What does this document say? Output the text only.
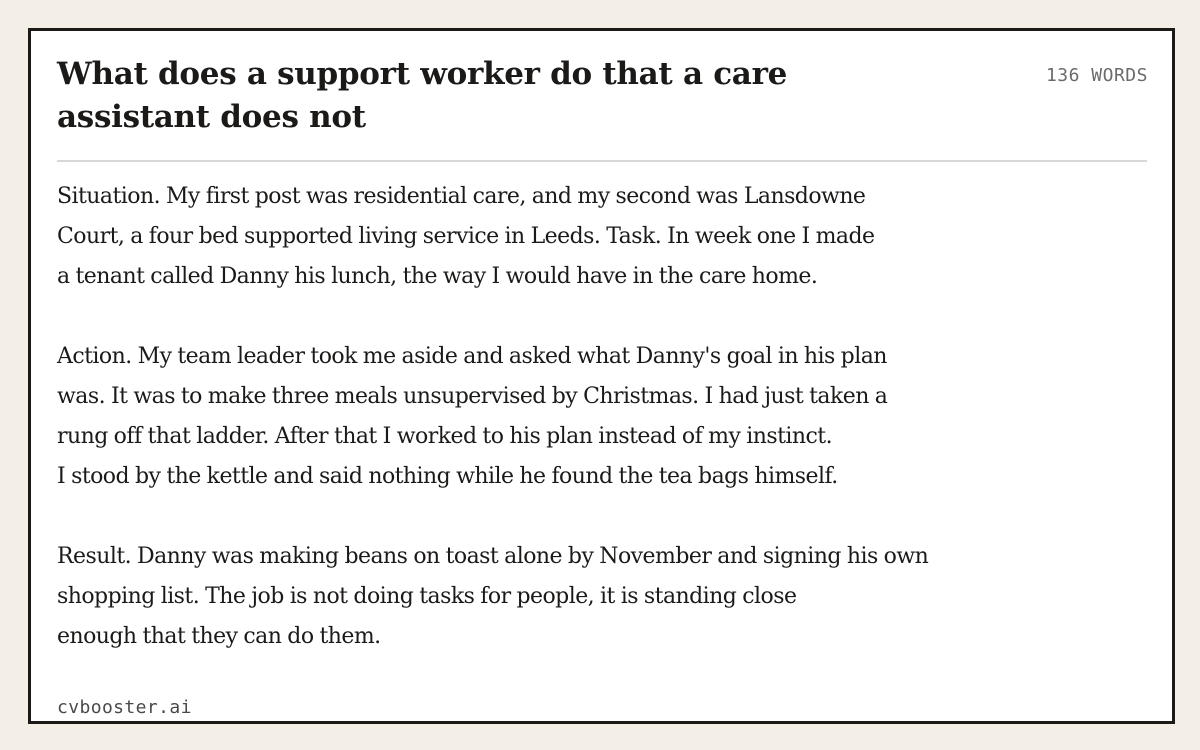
What does a support worker do that a care
assistant does not
136 WORDS

Situation. My first post was residential care, and my second was Lansdowne
Court, a four bed supported living service in Leeds. Task. In week one I made
a tenant called Danny his lunch, the way I would have in the care home.

Action. My team leader took me aside and asked what Danny's goal in his plan
was. It was to make three meals unsupervised by Christmas. I had just taken a
rung off that ladder. After that I worked to his plan instead of my instinct.
I stood by the kettle and said nothing while he found the tea bags himself.

Result. Danny was making beans on toast alone by November and signing his own
shopping list. The job is not doing tasks for people, it is standing close
enough that they can do them.

cvbooster.ai
